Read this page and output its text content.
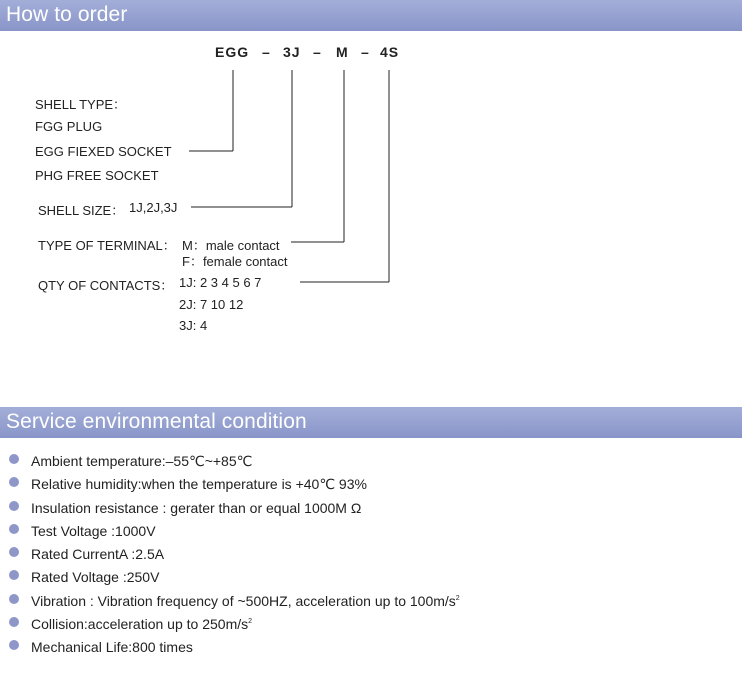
How to order
EGG – 3J – M – 4S
SHELL TYPE：
FGG PLUG
EGG FIEXED SOCKET
PHG FREE SOCKET
SHELL SIZE： 1J,2J,3J
TYPE OF TERMINAL： M：male contact
F：female contact
QTY OF CONTACTS： 1J: 2 3 4 5 6 7
2J: 7 10 12
3J: 4
Service environmental condition
Ambient temperature:–55℃~+85℃
Relative humidity:when the temperature is +40℃ 93%
Insulation resistance : gerater than or equal 1000M Ω
Test Voltage :1000V
Rated CurrentA :2.5A
Rated Voltage :250V
Vibration : Vibration frequency of ~500HZ, acceleration up to $100m/s^2$
Collision:acceleration up to $250m/s^2$
Mechanical Life:800 times
